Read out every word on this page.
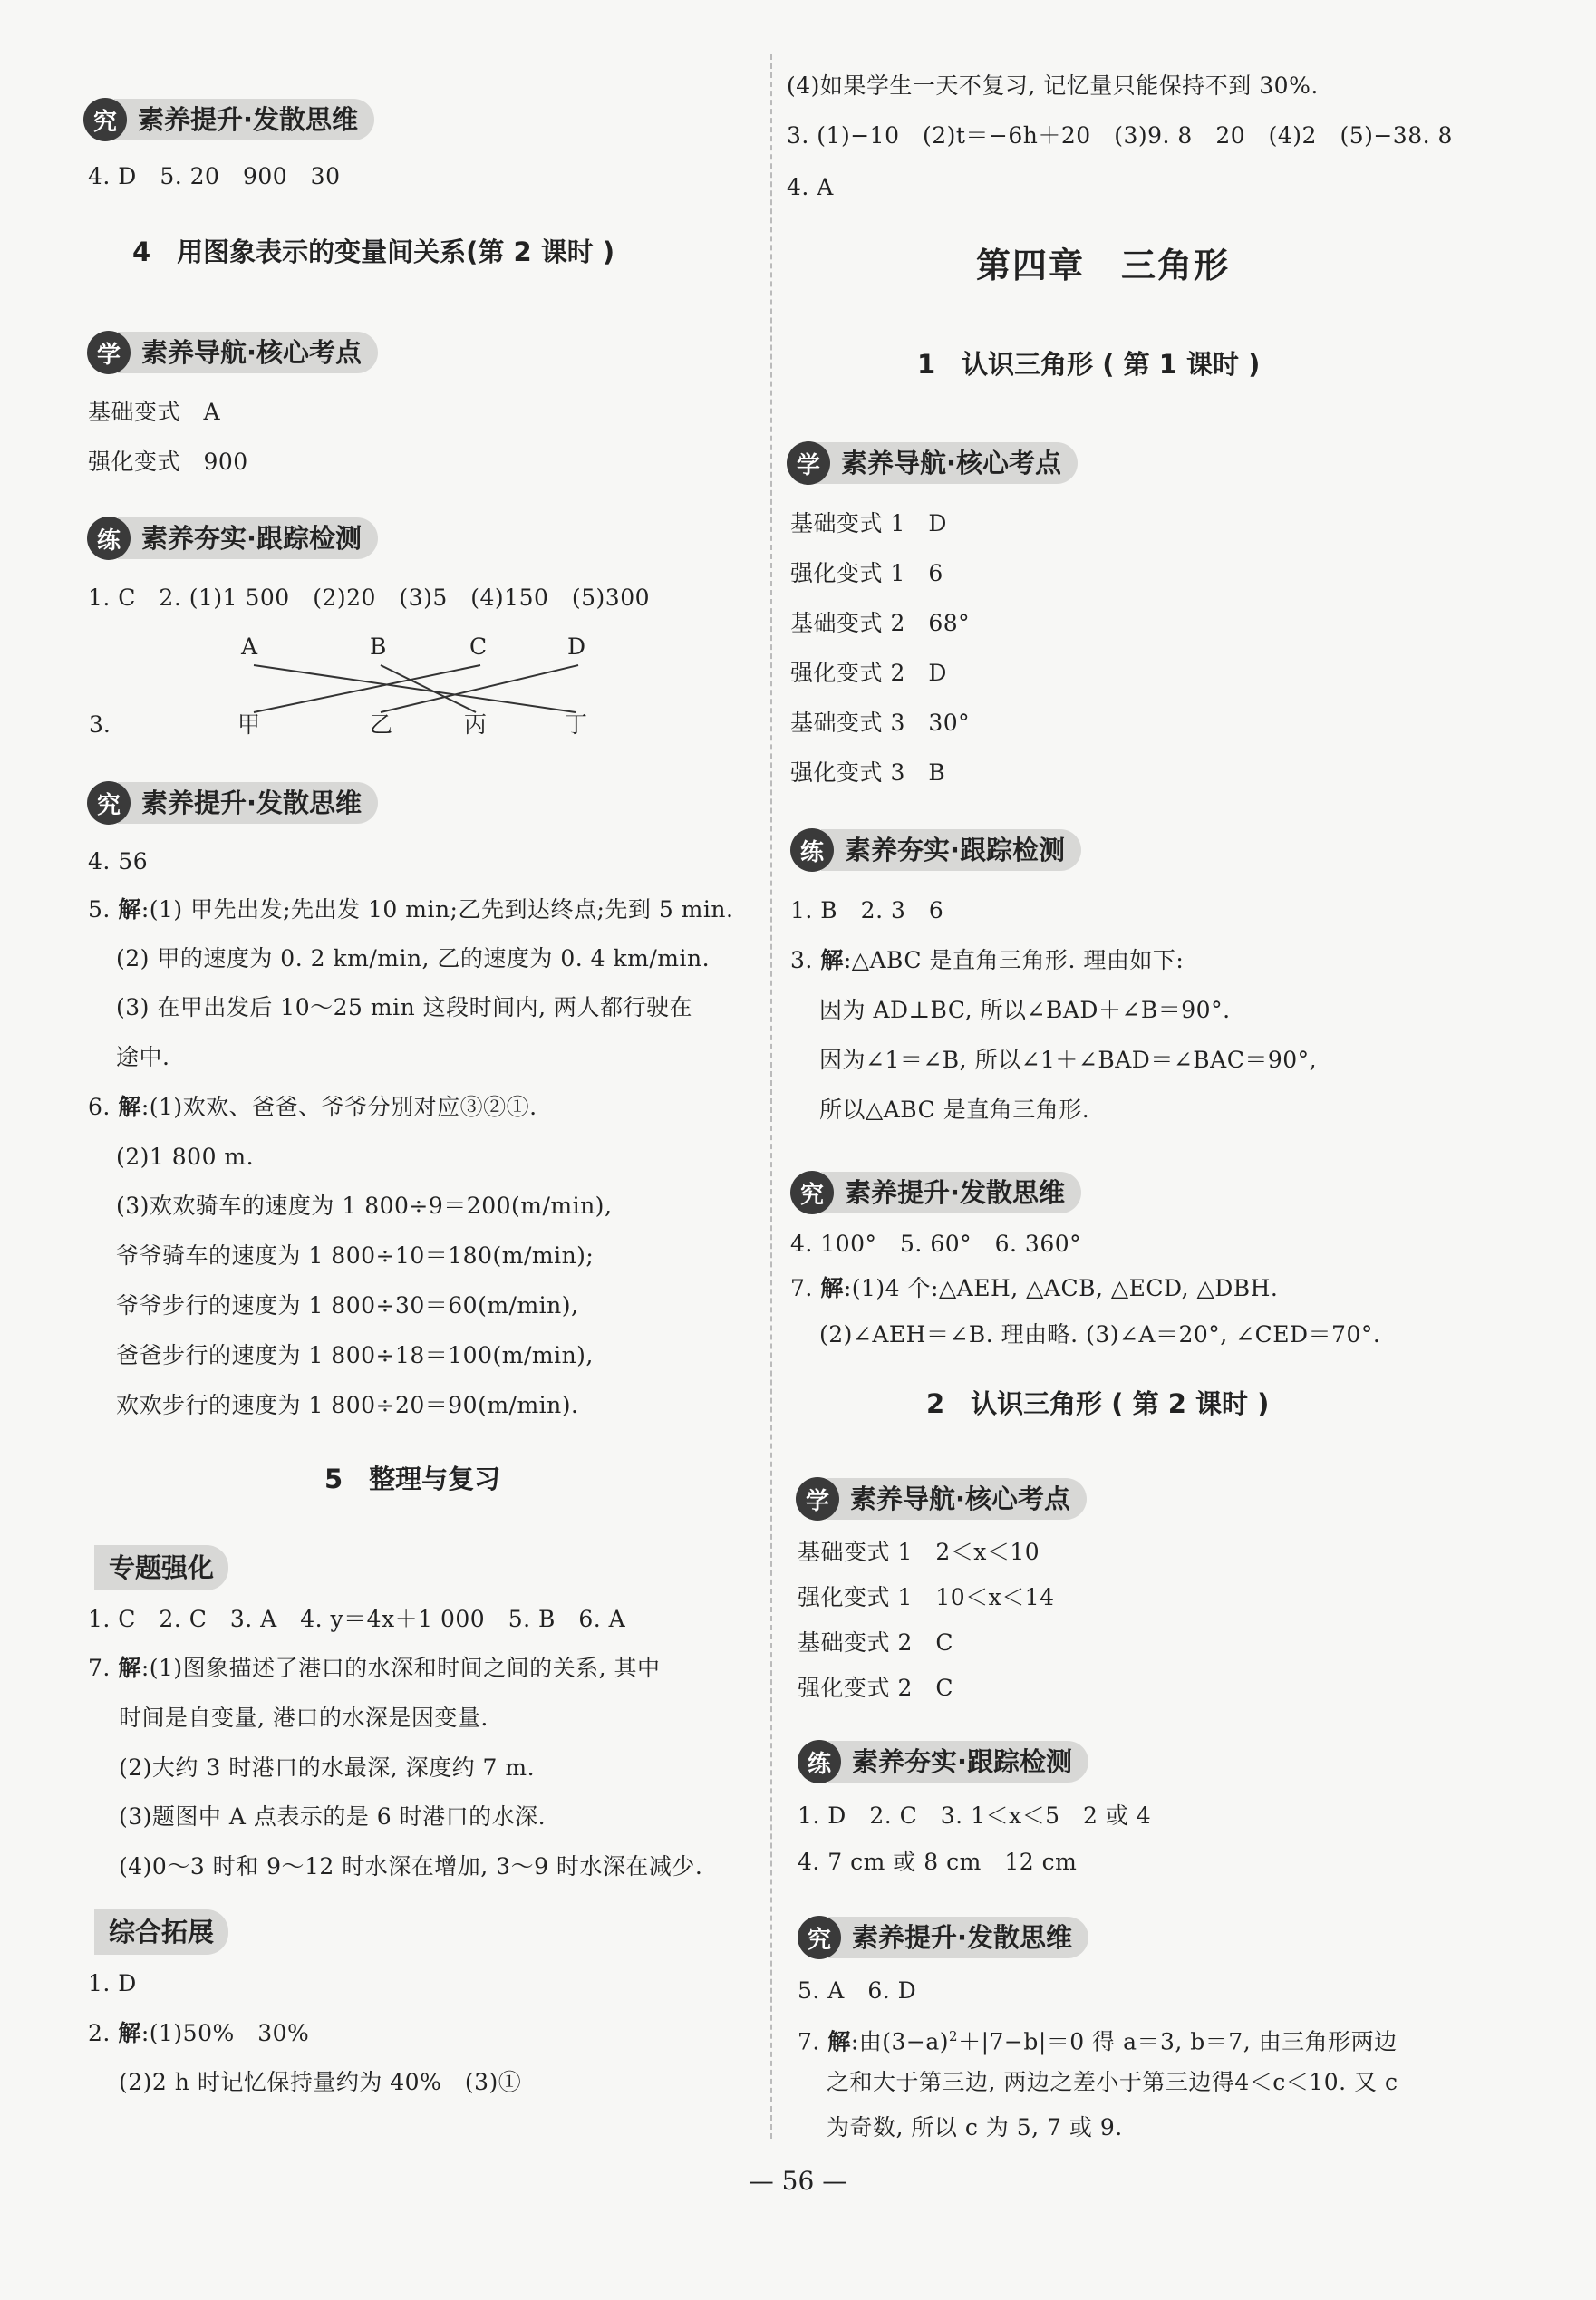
究 素养提升·发散思维
4. D　5. 20　900　30
4　用图象表示的变量间关系(第 2 课时 )
学 素养导航·核心考点
基础变式　A
强化变式　900
练 素养夯实·跟踪检测
1. C　2. (1)1 500　(2)20　(3)5　(4)150　(5)300
3.
A	B	C	D
甲	乙	丙	丁
究 素养提升·发散思维
4. 56
5. 解:(1) 甲先出发;先出发 10 min;乙先到达终点;先到 5 min.
(2) 甲的速度为 0. 2 km/min, 乙的速度为 0. 4 km/min.
(3) 在甲出发后 10～25 min 这段时间内, 两人都行驶在
途中.
6. 解:(1)欢欢、爸爸、爷爷分别对应③②①.
(2)1 800 m.
(3)欢欢骑车的速度为 1 800÷9＝200(m/min),
爷爷骑车的速度为 1 800÷10＝180(m/min);
爷爷步行的速度为 1 800÷30＝60(m/min),
爸爸步行的速度为 1 800÷18＝100(m/min),
欢欢步行的速度为 1 800÷20＝90(m/min).
5　整理与复习
专题强化
1. C　2. C　3. A　4. y＝4x＋1 000　5. B　6. A
7. 解:(1)图象描述了港口的水深和时间之间的关系, 其中
时间是自变量, 港口的水深是因变量.
(2)大约 3 时港口的水最深, 深度约 7 m.
(3)题图中 A 点表示的是 6 时港口的水深.
(4)0～3 时和 9～12 时水深在增加, 3～9 时水深在减少.
综合拓展
1. D
2. 解:(1)50%　30%
(2)2 h 时记忆保持量约为 40%　(3)①
(4)如果学生一天不复习, 记忆量只能保持不到 30%.
3. (1)−10　(2)t＝−6h＋20　(3)9. 8　20　(4)2　(5)−38. 8
4. A
第四章　三角形
1　认识三角形 ( 第 1 课时 )
学 素养导航·核心考点
基础变式 1　D
强化变式 1　6
基础变式 2　68°
强化变式 2　D
基础变式 3　30°
强化变式 3　B
练 素养夯实·跟踪检测
1. B　2. 3　6
3. 解:△ABC 是直角三角形. 理由如下:
因为 AD⊥BC, 所以∠BAD＋∠B＝90°.
因为∠1＝∠B, 所以∠1＋∠BAD＝∠BAC＝90°,
所以△ABC 是直角三角形.
究 素养提升·发散思维
4. 100°　5. 60°　6. 360°
7. 解:(1)4 个:△AEH, △ACB, △ECD, △DBH.
(2)∠AEH＝∠B. 理由略. (3)∠A＝20°, ∠CED＝70°.
2　认识三角形 ( 第 2 课时 )
学 素养导航·核心考点
基础变式 1　2＜x＜10
强化变式 1　10＜x＜14
基础变式 2　C
强化变式 2　C
练 素养夯实·跟踪检测
1. D　2. C　3. 1＜x＜5　2 或 4
4. 7 cm 或 8 cm　12 cm
究 素养提升·发散思维
5. A　6. D
7. 解:由$(3-a)^2+|7-b|=0$ 得 a＝3, b＝7, 由三角形两边
之和大于第三边, 两边之差小于第三边得4＜c＜10. 又 c
为奇数, 所以 c 为 5, 7 或 9.
— 56 —
